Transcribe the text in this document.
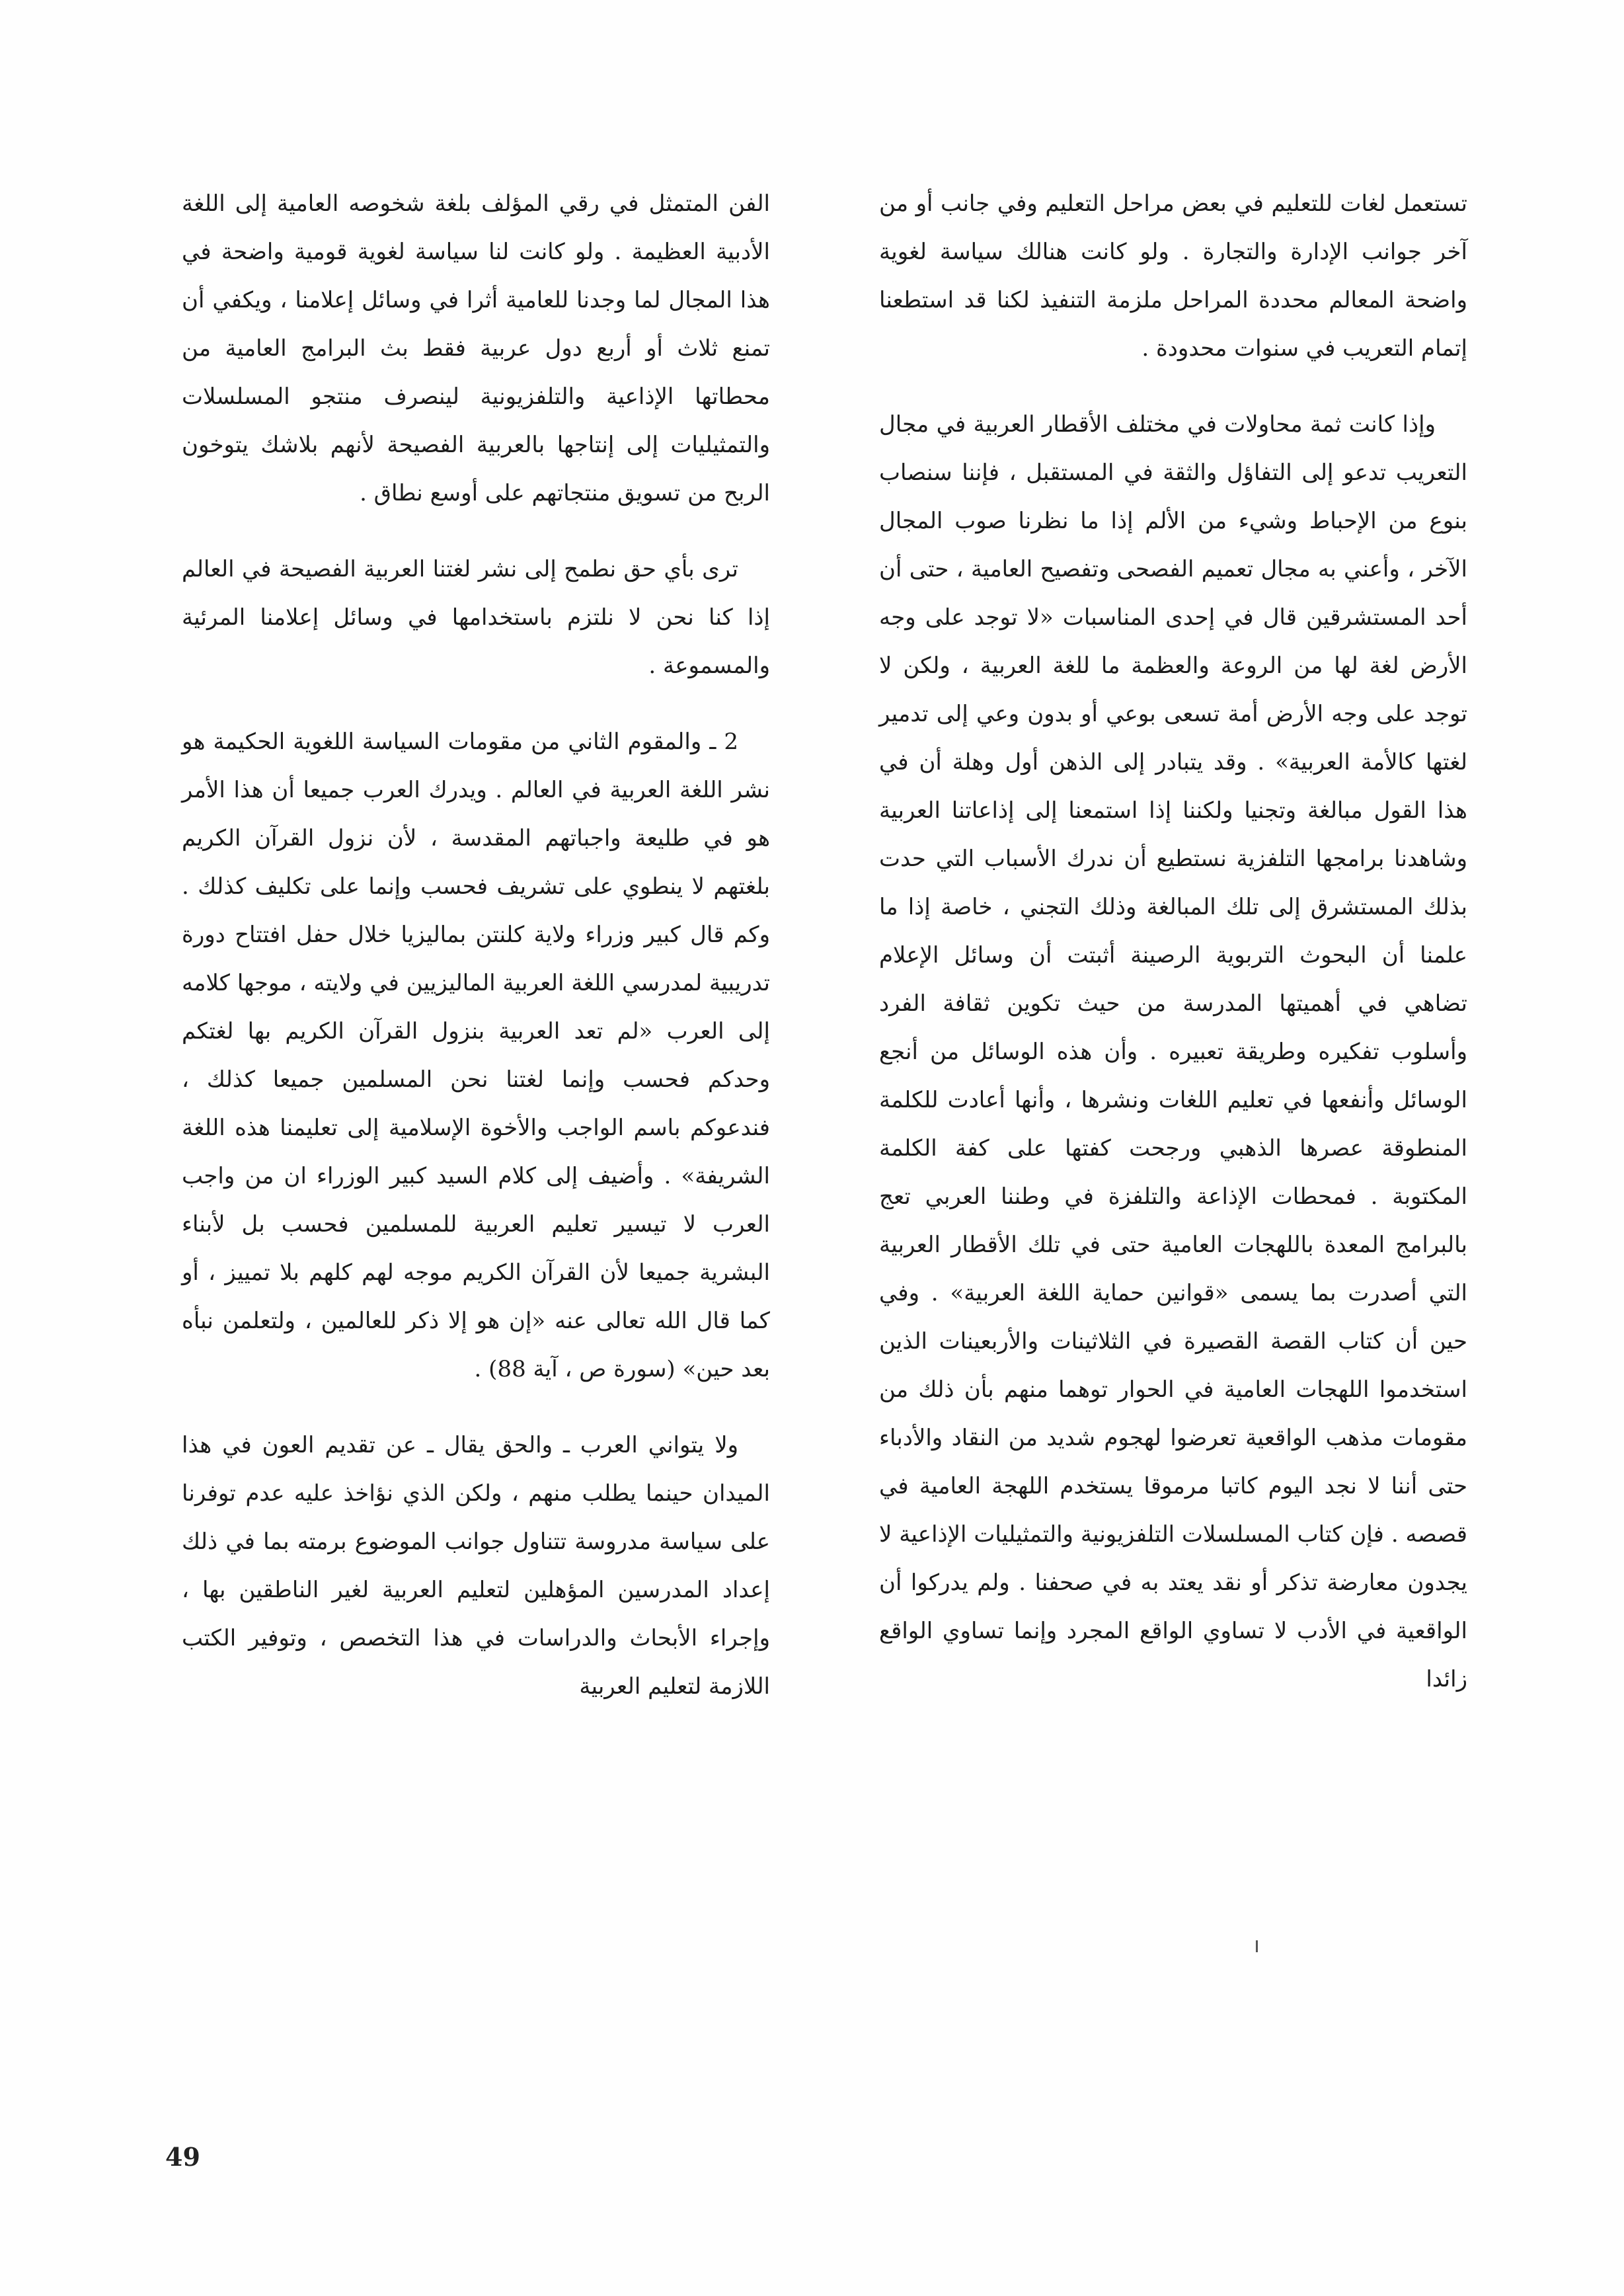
تستعمل لغات للتعليم في بعض مراحل التعليم وفي جانب أو من آخر جوانب الإدارة والتجارة . ولو كانت هنالك سياسة لغوية واضحة المعالم محددة المراحل ملزمة التنفيذ لكنا قد استطعنا إتمام التعريب في سنوات محدودة .

وإذا كانت ثمة محاولات في مختلف الأقطار العربية في مجال التعريب تدعو إلى التفاؤل والثقة في المستقبل ، فإننا سنصاب بنوع من الإحباط وشيء من الألم إذا ما نظرنا صوب المجال الآخر ، وأعني به مجال تعميم الفصحى وتفصيح العامية ، حتى أن أحد المستشرقين قال في إحدى المناسبات «لا توجد على وجه الأرض لغة لها من الروعة والعظمة ما للغة العربية ، ولكن لا توجد على وجه الأرض أمة تسعى بوعي أو بدون وعي إلى تدمير لغتها كالأمة العربية» . وقد يتبادر إلى الذهن أول وهلة أن في هذا القول مبالغة وتجنيا ولكننا إذا استمعنا إلى إذاعاتنا العربية وشاهدنا برامجها التلفزية نستطيع أن ندرك الأسباب التي حدت بذلك المستشرق إلى تلك المبالغة وذلك التجني ، خاصة إذا ما علمنا أن البحوث التربوية الرصينة أثبتت أن وسائل الإعلام تضاهي في أهميتها المدرسة من حيث تكوين ثقافة الفرد وأسلوب تفكيره وطريقة تعبيره . وأن هذه الوسائل من أنجع الوسائل وأنفعها في تعليم اللغات ونشرها ، وأنها أعادت للكلمة المنطوقة عصرها الذهبي ورجحت كفتها على كفة الكلمة المكتوبة . فمحطات الإذاعة والتلفزة في وطننا العربي تعج بالبرامج المعدة باللهجات العامية حتى في تلك الأقطار العربية التي أصدرت بما يسمى «قوانين حماية اللغة العربية» . وفي حين أن كتاب القصة القصيرة في الثلاثينات والأربعينات الذين استخدموا اللهجات العامية في الحوار توهما منهم بأن ذلك من مقومات مذهب الواقعية تعرضوا لهجوم شديد من النقاد والأدباء حتى أننا لا نجد اليوم كاتبا مرموقا يستخدم اللهجة العامية في قصصه . فإن كتاب المسلسلات التلفزيونية والتمثيليات الإذاعية لا يجدون معارضة تذكر أو نقد يعتد به في صحفنا . ولم يدركوا أن الواقعية في الأدب لا تساوي الواقع المجرد وإنما تساوي الواقع زائدا

الفن المتمثل في رقي المؤلف بلغة شخوصه العامية إلى اللغة الأدبية العظيمة . ولو كانت لنا سياسة لغوية قومية واضحة في هذا المجال لما وجدنا للعامية أثرا في وسائل إعلامنا ، ويكفي أن تمنع ثلاث أو أربع دول عربية فقط بث البرامج العامية من محطاتها الإذاعية والتلفزيونية لينصرف منتجو المسلسلات والتمثيليات إلى إنتاجها بالعربية الفصيحة لأنهم بلاشك يتوخون الربح من تسويق منتجاتهم على أوسع نطاق .

ترى بأي حق نطمح إلى نشر لغتنا العربية الفصيحة في العالم إذا كنا نحن لا نلتزم باستخدامها في وسائل إعلامنا المرئية والمسموعة .

2 ـ والمقوم الثاني من مقومات السياسة اللغوية الحكيمة هو نشر اللغة العربية في العالم . ويدرك العرب جميعا أن هذا الأمر هو في طليعة واجباتهم المقدسة ، لأن نزول القرآن الكريم بلغتهم لا ينطوي على تشريف فحسب وإنما على تكليف كذلك . وكم قال كبير وزراء ولاية كلنتن بماليزيا خلال حفل افتتاح دورة تدريبية لمدرسي اللغة العربية الماليزيين في ولايته ، موجها كلامه إلى العرب «لم تعد العربية بنزول القرآن الكريم بها لغتكم وحدكم فحسب وإنما لغتنا نحن المسلمين جميعا كذلك ، فندعوكم باسم الواجب والأخوة الإسلامية إلى تعليمنا هذه اللغة الشريفة» . وأضيف إلى كلام السيد كبير الوزراء ان من واجب العرب لا تيسير تعليم العربية للمسلمين فحسب بل لأبناء البشرية جميعا لأن القرآن الكريم موجه لهم كلهم بلا تمييز ، أو كما قال الله تعالى عنه «إن هو إلا ذكر للعالمين ، ولتعلمن نبأه بعد حين» (سورة ص ، آية 88) .

ولا يتواني العرب ـ والحق يقال ـ عن تقديم العون في هذا الميدان حينما يطلب منهم ، ولكن الذي نؤاخذ عليه عدم توفرنا على سياسة مدروسة تتناول جوانب الموضوع برمته بما في ذلك إعداد المدرسين المؤهلين لتعليم العربية لغير الناطقين بها ، وإجراء الأبحاث والدراسات في هذا التخصص ، وتوفير الكتب اللازمة لتعليم العربية

49
